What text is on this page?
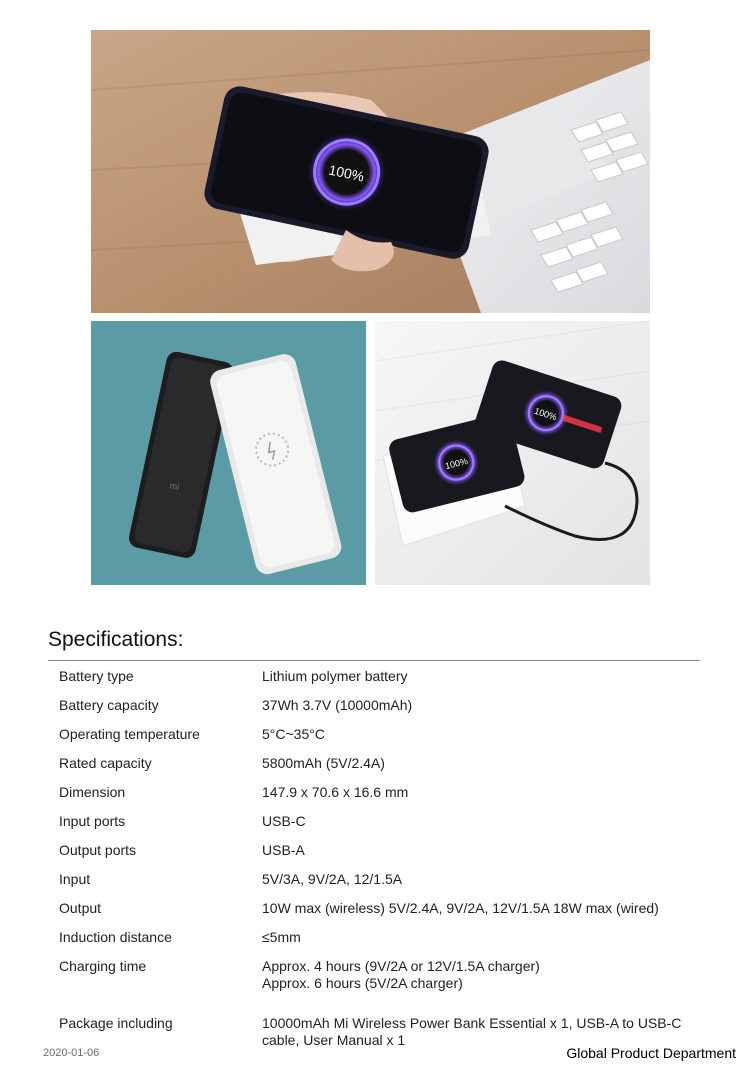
100%
mi
100%
100%
Specifications:
Battery type	Lithium polymer battery
Battery capacity	37Wh 3.7V (10000mAh)
Operating temperature	5°C~35°C
Rated capacity	5800mAh (5V/2.4A)
Dimension	147.9 x 70.6 x 16.6 mm
Input ports	USB-C
Output ports	USB-A
Input	5V/3A, 9V/2A, 12/1.5A
Output	10W max (wireless) 5V/2.4A, 9V/2A, 12V/1.5A 18W max (wired)
Induction distance	≤5mm
Charging time	Approx. 4 hours (9V/2A or 12V/1.5A charger)
Approx. 6 hours (5V/2A charger)
Package including	10000mAh Mi Wireless Power Bank Essential x 1, USB-A to USB-C
cable, User Manual x 1
2020-01-06	Global Product Department
